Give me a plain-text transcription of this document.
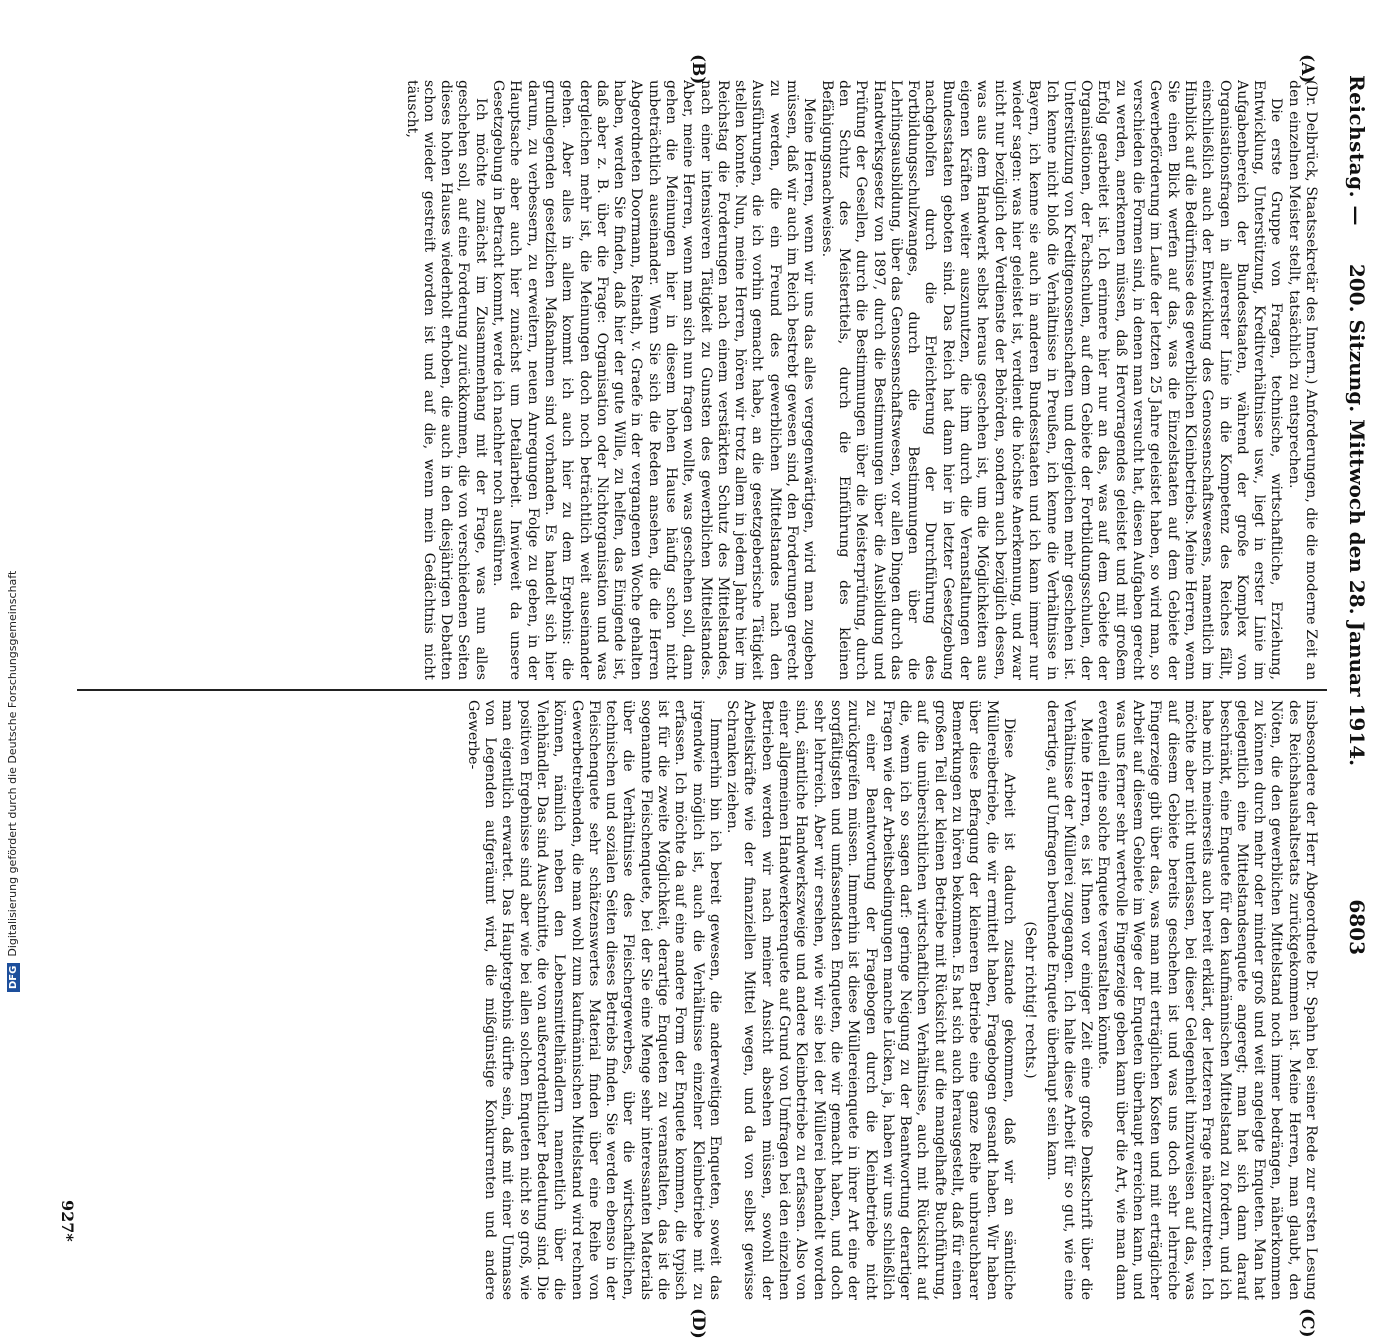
DFGDigitalisierung gefördert durch die Deutsche Forschungsgemeinschaft
Reichstag. —
200. Sitzung. Mittwoch den 28. Januar 1914.
6803
(A)
(B)
(C)
(D)

(Dr. Delbrück, Staatssekretär des Innern.) Anforderungen, die die moderne Zeit an den einzelnen Meister stellt, tatsächlich zu entsprechen.

Die erste Gruppe von Fragen, technische, wirtschaftliche, Erziehung, Entwicklung, Unterstützung, Kreditverhältnisse usw., liegt in erster Linie im Aufgabenbereich der Bundesstaaten, während der große Komplex von Organisationsfragen in allererster Linie in die Kompetenz des Reiches fällt, einschließlich auch der Entwicklung des Genossenschaftswesens, namentlich im Hinblick auf die Bedürfnisse des gewerblichen Kleinbetriebs. Meine Herren, wenn Sie einen Blick werfen auf das, was die Einzelstaaten auf dem Gebiete der Gewerbeförderung im Laufe der letzten 25 Jahre geleistet haben, so wird man, so verschieden die Formen sind, in denen man versucht hat, diesen Aufgaben gerecht zu werden, anerkennen müssen, daß Hervorragendes geleistet und mit großem Erfolg gearbeitet ist. Ich erinnere hier nur an das, was auf dem Gebiete der Organisationen, der Fachschulen, auf dem Gebiete der Fortbildungsschulen, der Unterstützung von Kreditgenossenschaften und dergleichen mehr geschehen ist. Ich kenne nicht bloß die Verhältnisse in Preußen, ich kenne die Verhältnisse in Bayern, ich kenne sie auch in anderen Bundesstaaten und ich kann immer nur wieder sagen: was hier geleistet ist, verdient die höchste Anerkennung, und zwar nicht nur bezüglich der Verdienste der Behörden, sondern auch bezüglich dessen, was aus dem Handwerk selbst heraus geschehen ist, um die Möglichkeiten aus eigenen Kräften weiter auszunutzen, die ihm durch die Veranstaltungen der Bundesstaaten geboten sind. Das Reich hat dann hier in letzter Gesetzgebung nachgeholfen durch die Erleichterung der Durchführung des Fortbildungsschulzwanges, durch die Bestimmungen über die Lehrlingsausbildung, über das Genossenschaftswesen, vor allen Dingen durch das Handwerksgesetz von 1897, durch die Bestimmungen über die Ausbildung und Prüfung der Gesellen, durch die Bestimmungen über die Meisterprüfung, durch den Schutz des Meistertitels, durch die Einführung des kleinen Befähigungsnachweises.

Meine Herren, wenn wir uns das alles vergegenwärtigen, wird man zugeben müssen, daß wir auch im Reich bestrebt gewesen sind, den Forderungen gerecht zu werden, die ein Freund des gewerblichen Mittelstandes nach den Ausführungen, die ich vorhin gemacht habe, an die gesetzgeberische Tätigkeit stellen konnte. Nun, meine Herren, hören wir trotz allem in jedem Jahre hier im Reichstag die Forderungen nach einem verstärkten Schutz des Mittelstandes, nach einer intensiveren Tätigkeit zu Gunsten des gewerblichen Mittelstandes. Aber, meine Herren, wenn man sich nun fragen wollte, was geschehen soll, dann gehen die Meinungen hier in diesem hohen Hause häufig schon nicht unbeträchtlich auseinander. Wenn Sie sich die Reden ansehen, die die Herren Abgeordneten Doormann, Reinath, v. Graefe in der vergangenen Woche gehalten haben, werden Sie finden, daß hier der gute Wille, zu helfen, das Einigende ist, daß aber z. B. über die Frage: Organisation oder Nichtorganisation und was dergleichen mehr ist, die Meinungen doch noch beträchtlich weit auseinander gehen. Aber alles in allem kommt ich auch hier zu dem Ergebnis: die grundlegenden gesetzlichen Maßnahmen sind vorhanden. Es handelt sich hier darum, zu verbessern, zu erweitern, neuen Anregungen Folge zu geben, in der Hauptsache aber auch hier zunächst um Detailarbeit. Inwieweit da unsere Gesetzgebung in Betracht kommt, werde ich nachher noch ausführen.

Ich möchte zunächst im Zusammenhang mit der Frage, was nun alles geschehen soll, auf eine Forderung zurückkommen, die von verschiedenen Seiten dieses hohen Hauses wiederholt erhoben, die auch in den diesjährigen Debatten schon wieder gestreift worden ist und auf die, wenn mein Gedächtnis nicht täuscht,

insbesondere der Herr Abgeordnete Dr. Spahn bei seiner Rede zur ersten Lesung des Reichshaushaltsetats zurückgekommen ist. Meine Herren, man glaubt, den Nöten, die den gewerblichen Mittelstand noch immer bedrängen, näherkommen zu können durch mehr oder minder groß und weit angelegte Enqueten. Man hat gelegentlich eine Mittelstandsenquete angeregt; man hat sich dann darauf beschränkt, eine Enquete für den kaufmännischen Mittelstand zu fordern, und ich habe mich meinerseits auch bereit erklärt, der letzteren Frage näherzutreten. Ich möchte aber nicht unterlassen, bei dieser Gelegenheit hinzuweisen auf das, was auf diesem Gebiete bereits geschehen ist und was uns doch sehr lehrreiche Fingerzeige gibt über das, was man mit erträglichen Kosten und mit erträglicher Arbeit auf diesem Gebiete im Wege der Enqueten überhaupt erreichen kann, und was uns ferner sehr wertvolle Fingerzeige geben kann über die Art, wie man dann eventuell eine solche Enquete veranstalten könnte.

Meine Herren, es ist Ihnen vor einiger Zeit eine große Denkschrift über die Verhältnisse der Müllerei zugegangen. Ich halte diese Arbeit für so gut, wie eine derartige, auf Umfragen beruhende Enquete überhaupt sein kann.

(Sehr richtig! rechts.)

Diese Arbeit ist dadurch zustande gekommen, daß wir an sämtliche Müllereibetriebe, die wir ermittelt haben, Fragebogen gesandt haben. Wir haben über diese Befragung der kleineren Betriebe eine ganze Reihe unbrauchbarer Bemerkungen zu hören bekommen. Es hat sich auch herausgestellt, daß für einen großen Teil der kleinen Betriebe mit Rücksicht auf die mangelhafte Buchführung, auf die unübersichtlichen wirtschaftlichen Verhältnisse, auch mit Rücksicht auf die, wenn ich so sagen darf: geringe Neigung zu der Beantwortung derartiger Fragen wie der Arbeitsbedingungen manche Lücken, ja, haben wir uns schließlich zu einer Beantwortung der Fragebogen durch die Kleinbetriebe nicht zurückgreifen müssen. Immerhin ist diese Müllereienquete in ihrer Art eine der sorgfältigsten und umfassendsten Enqueten, die wir gemacht haben, und doch sehr lehrreich. Aber wir ersehen, wie wir sie bei der Müllerei behandelt worden sind, sämtliche Handwerkszweige und andere Kleinbetriebe zu erfassen. Also von einer allgemeinen Handwerkerenquete auf Grund von Umfragen bei den einzelnen Betrieben werden wir nach meiner Ansicht absehen müssen, sowohl der Arbeitskräfte wie der finanziellen Mittel wegen, und da von selbst gewisse Schranken ziehen.

Immerhin bin ich bereit gewesen, die anderweitigen Enqueten, soweit das irgendwie möglich ist, auch die Verhältnisse einzelner Kleinbetriebe mit zu erfassen. Ich möchte da auf eine andere Form der Enquete kommen, die typisch ist für die zweite Möglichkeit, derartige Enqueten zu veranstalten, das ist die sogenannte Fleischenquete, bei der Sie eine Menge sehr interessanten Materials über die Verhältnisse des Fleischergewerbes, über die wirtschaftlichen, technischen und sozialen Seiten dieses Betriebs finden. Sie werden ebenso in der Fleischenquete sehr schätzenswertes Material finden über eine Reihe von Gewerbetreibenden, die man wohl zum kaufmännischen Mittelstand wird rechnen können, nämlich neben den Lebensmittelhändlern namentlich über die Viehhändler. Das sind Ausschnitte, die von außerordentlicher Bedeutung sind. Die positiven Ergebnisse sind aber wie bei allen solchen Enqueten nicht so groß, wie man eigentlich erwartet. Das Hauptergebnis dürfte sein, daß mit einer Unmasse von Legenden aufgeräumt wird, die mißgünstige Konkurrenten und andere Gewerbe-

927*
